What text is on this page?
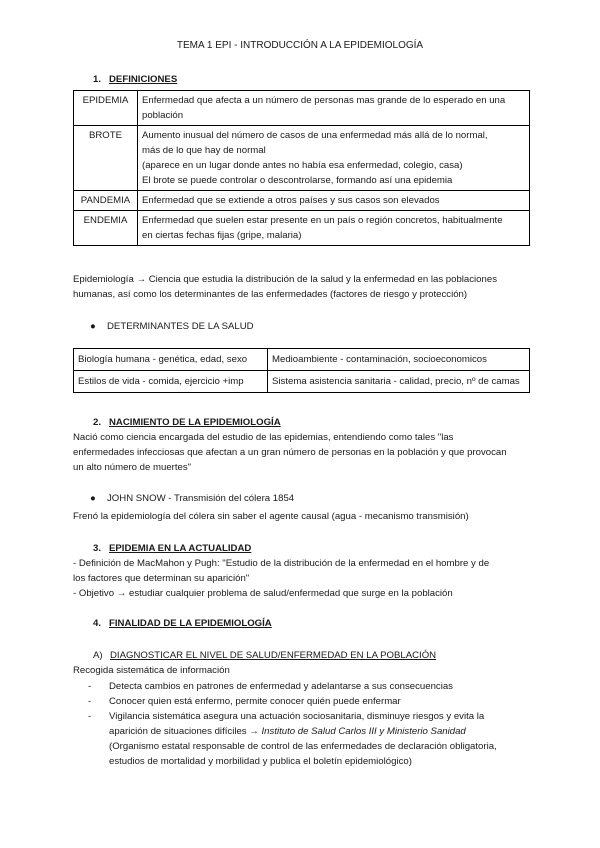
TEMA 1 EPI - INTRODUCCIÓN A LA EPIDEMIOLOGÍA
1. DEFINICIONES
EPIDEMIA	Enfermedad que afecta a un número de personas mas grande de lo esperado en una
población

BROTE	Aumento inusual del número de casos de una enfermedad más allá de lo normal,
más de lo que hay de normal
(aparece en un lugar donde antes no había esa enfermedad, colegio, casa)
El brote se puede controlar o descontrolarse, formando así una epidemia

PANDEMIA	Enfermedad que se extiende a otros países y sus casos son elevados

ENDEMIA	Enfermedad que suelen estar presente en un país o región concretos, habitualmente
en ciertas fechas fijas (gripe, malaria)
Epidemiología → Ciencia que estudia la distribución de la salud y la enfermedad en las poblaciones
humanas, así como los determinantes de las enfermedades (factores de riesgo y protección)
● DETERMINANTES DE LA SALUD
Biología humana - genética, edad, sexo	Medioambiente - contaminación, socioeconomicos
Estilos de vida - comida, ejercicio +imp	Sistema asistencia sanitaria - calidad, precio, nº de camas
2. NACIMIENTO DE LA EPIDEMIOLOGÍA
Nació como ciencia encargada del estudio de las epidemias, entendiendo como tales "las
enfermedades infecciosas que afectan a un gran número de personas en la población y que provocan
un alto número de muertes"
● JOHN SNOW - Transmisión del cólera 1854
Frenó la epidemiología del cólera sin saber el agente causal (agua - mecanismo transmisión)
3. EPIDEMIA EN LA ACTUALIDAD
- Definición de MacMahon y Pugh: "Estudio de la distribución de la enfermedad en el hombre y de
los factores que determinan su aparición"
- Objetivo → estudiar cualquier problema de salud/enfermedad que surge en la población
4. FINALIDAD DE LA EPIDEMIOLOGÍA
A) DIAGNOSTICAR EL NIVEL DE SALUD/ENFERMEDAD EN LA POBLACIÓN
Recogida sistemática de información
- Detecta cambios en patrones de enfermedad y adelantarse a sus consecuencias
- Conocer quien está enfermo, permite conocer quién puede enfermar
- Vigilancia sistemática asegura una actuación sociosanitaria, disminuye riesgos y evita la
aparición de situaciones difíciles → Instituto de Salud Carlos III y Ministerio Sanidad
(Organismo estatal responsable de control de las enfermedades de declaración obligatoria,
estudios de mortalidad y morbilidad y publica el boletín epidemiológico)
